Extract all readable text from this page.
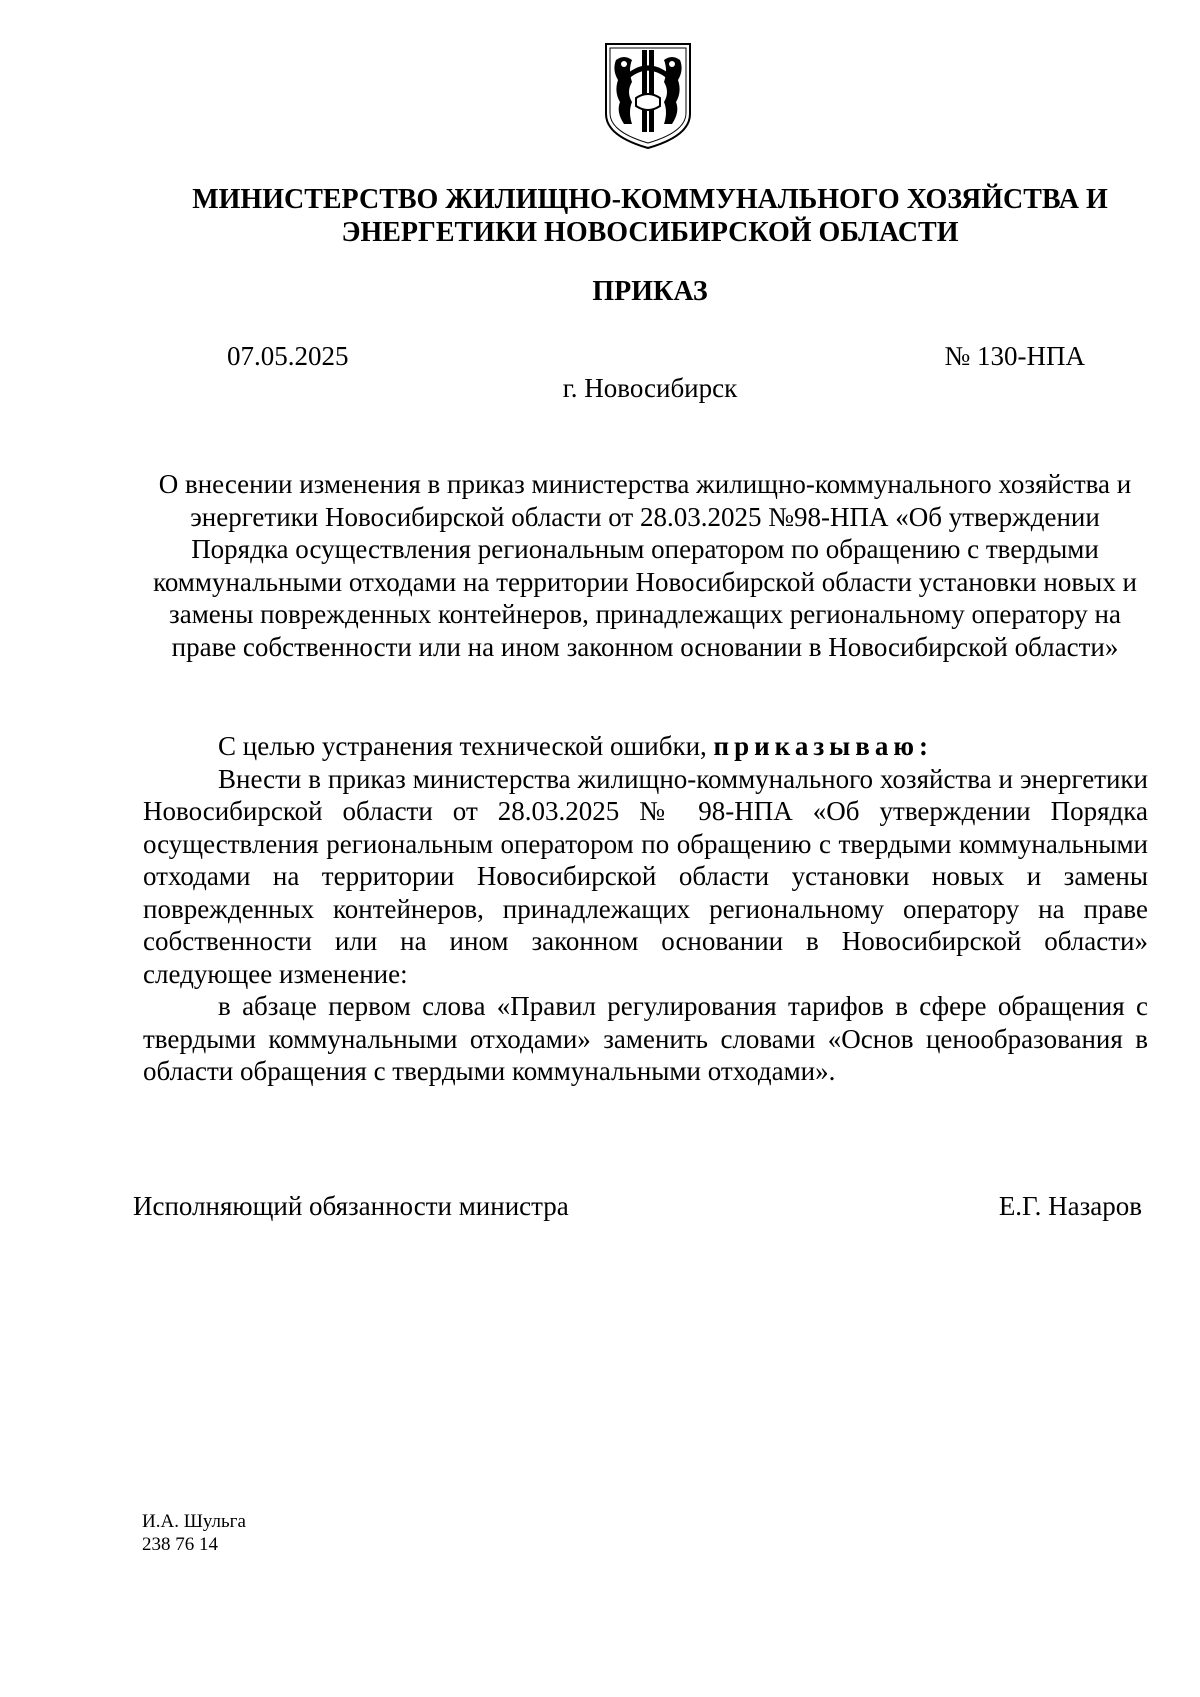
МИНИСТЕРСТВО ЖИЛИЩНО-КОММУНАЛЬНОГО ХОЗЯЙСТВА И
ЭНЕРГЕТИКИ НОВОСИБИРСКОЙ ОБЛАСТИ
ПРИКАЗ
07.05.2025	№ 130-НПА
г. Новосибирск
О внесении изменения в приказ министерства жилищно-коммунального хозяйства и энергетики Новосибирской области от 28.03.2025 №98-НПА «Об утверждении Порядка осуществления региональным оператором по обращению с твердыми коммунальными отходами на территории Новосибирской области установки новых и замены поврежденных контейнеров, принадлежащих региональному оператору на праве собственности или на ином законном основании в Новосибирской области»

С целью устранения технической ошибки, приказываю:

Внести в приказ министерства жилищно-коммунального хозяйства и энергетики Новосибирской области от 28.03.2025 № 98-НПА «Об утверждении Порядка осуществления региональным оператором по обращению с твердыми коммунальными отходами на территории Новосибирской области установки новых и замены поврежденных контейнеров, принадлежащих региональному оператору на праве собственности или на ином законном основании в Новосибирской области» следующее изменение:

в абзаце первом слова «Правил регулирования тарифов в сфере обращения с твердыми коммунальными отходами» заменить словами «Основ ценообразования в области обращения с твердыми коммунальными отходами».

Исполняющий обязанности министра	Е.Г. Назаров
И.А. Шульга
238 76 14
